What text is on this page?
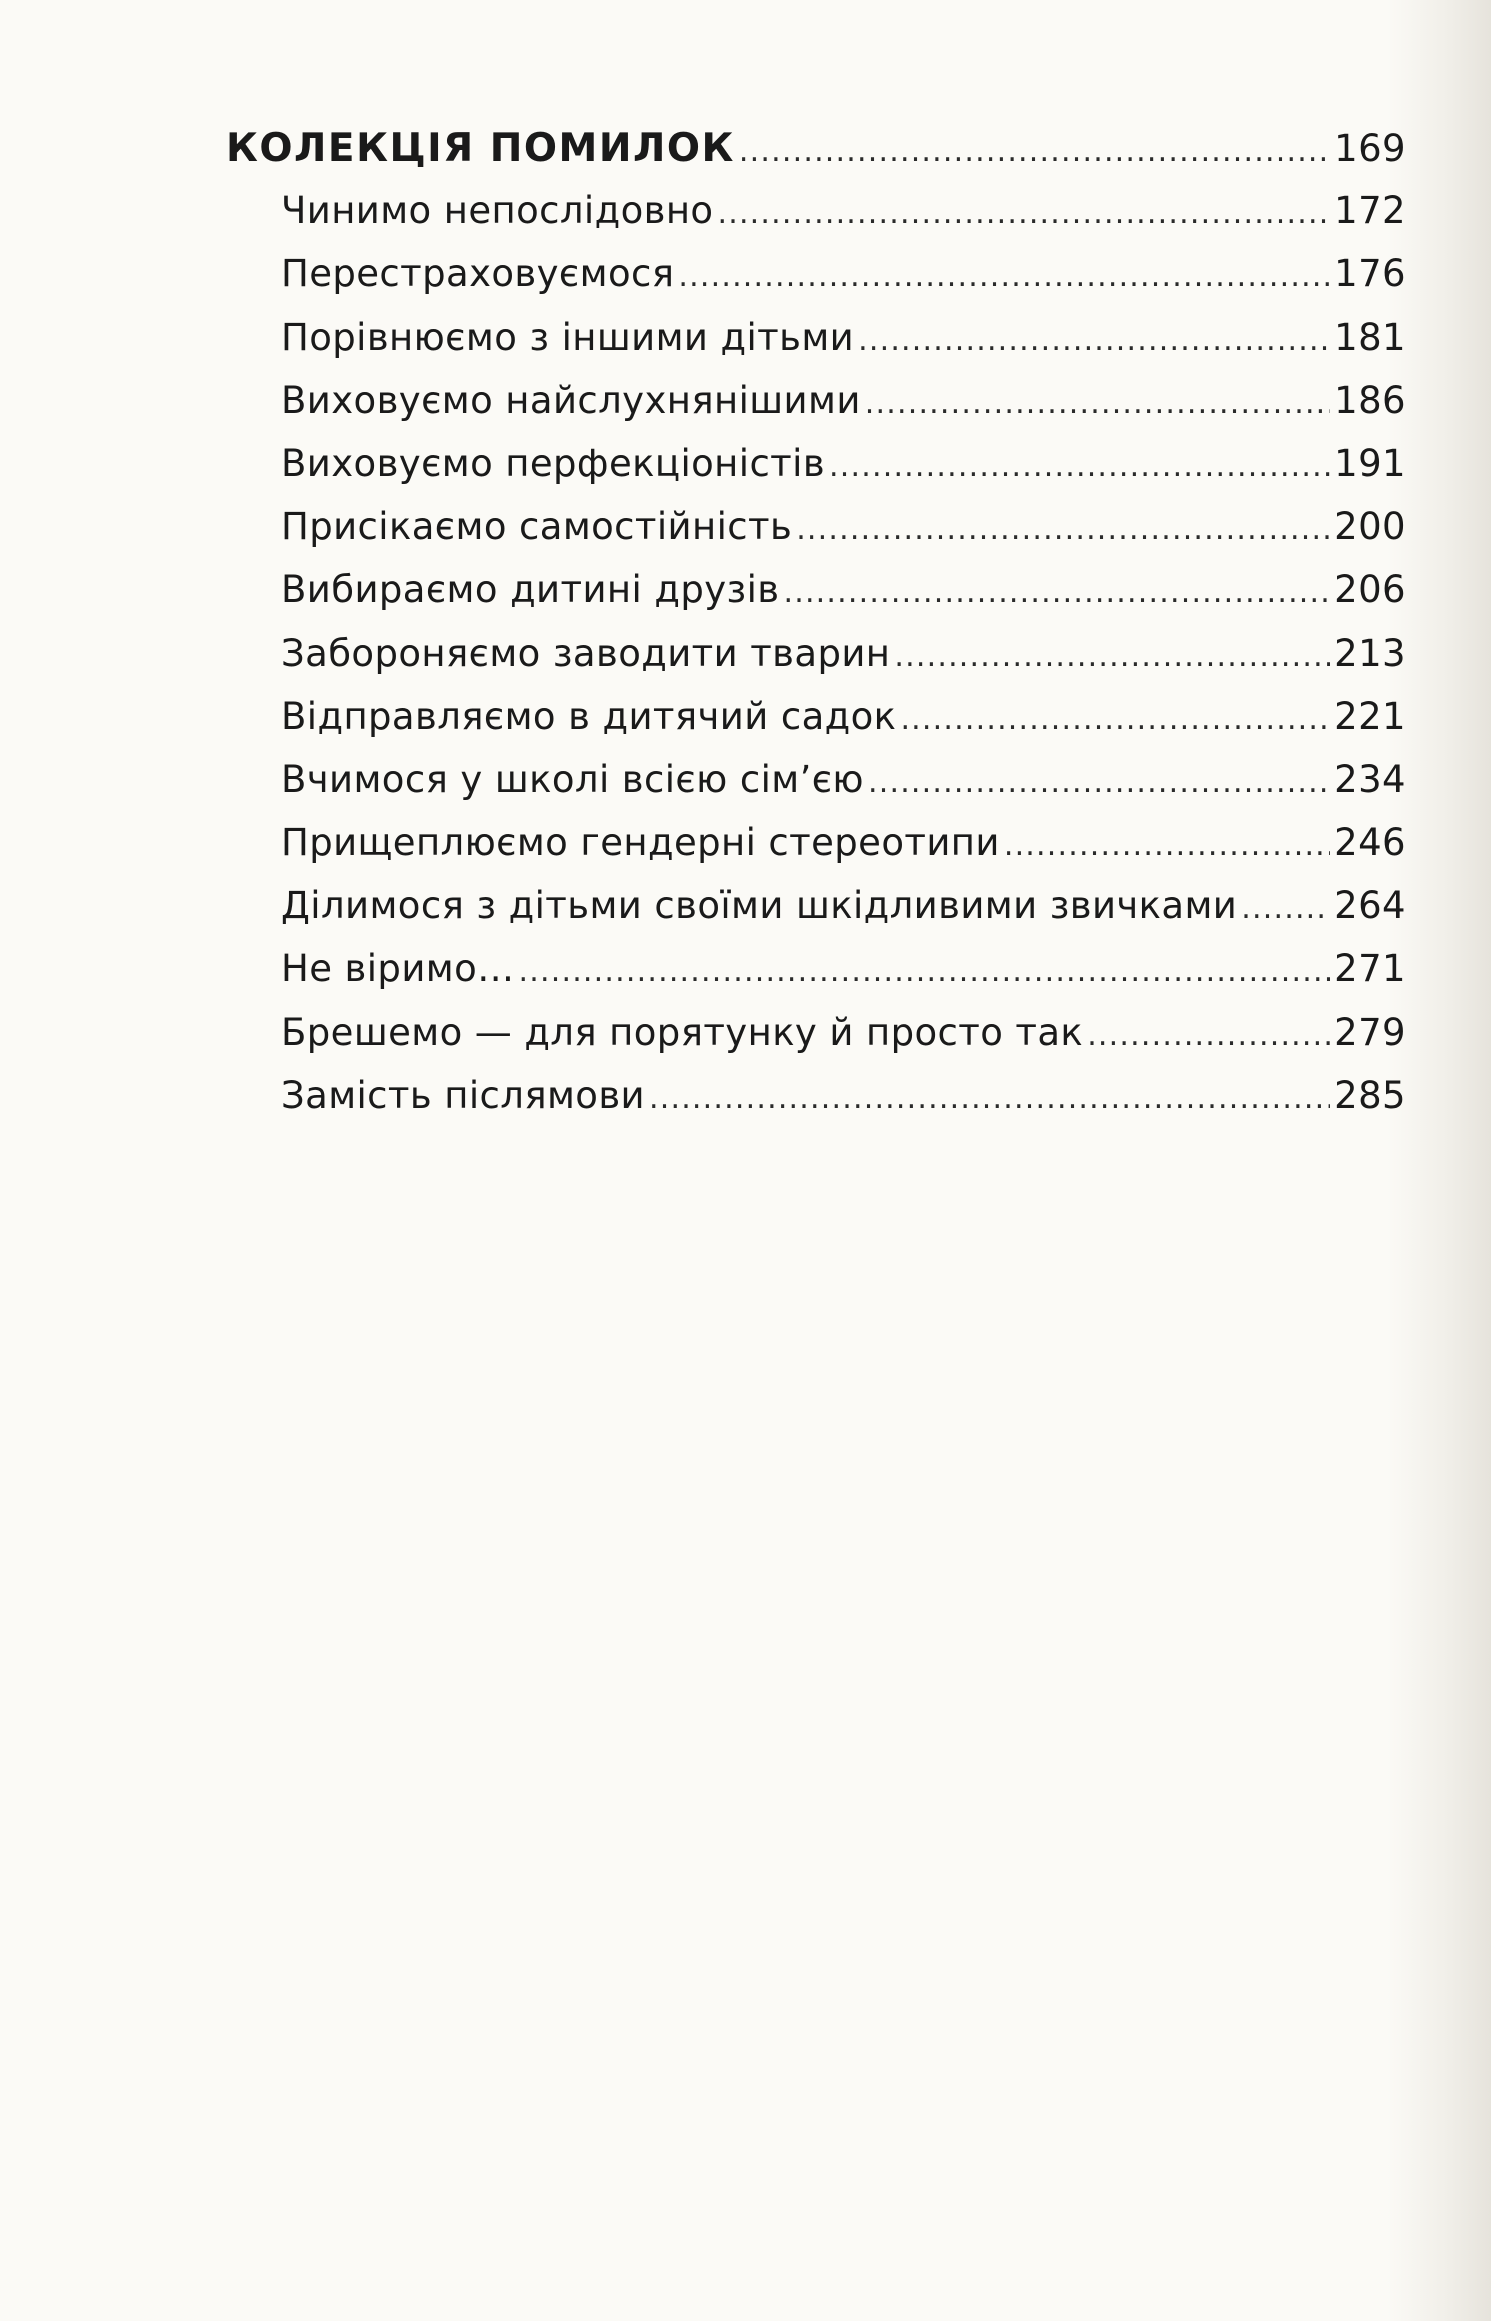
КОЛЕКЦІЯ ПОМИЛОК .....	169
Чинимо непослідовно .....	172
Перестраховуємося .....	176
Порівнюємо з іншими дітьми .....	181
Виховуємо найслухнянішими .....	186
Виховуємо перфекціоністів .....	191
Присікаємо самостійність .....	200
Вибираємо дитині друзів .....	206
Забороняємо заводити тварин .....	213
Відправляємо в дитячий садок .....	221
Вчимося у школі всією сім’єю .....	234
Прищеплюємо гендерні стереотипи .....	246
Ділимося з дітьми своїми шкідливими звичками .....	264
Не віримо… .....	271
Брешемо — для порятунку й просто так .....	279
Замість післямови .....	285
